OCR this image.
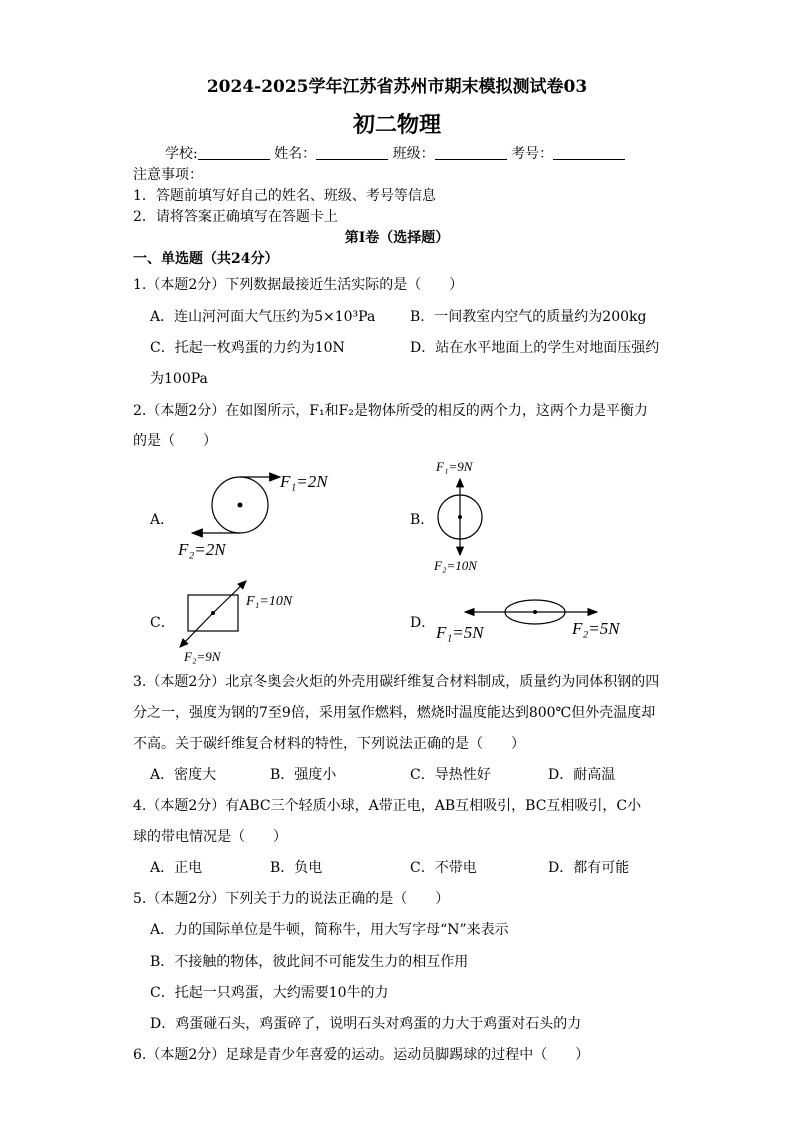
2024-2025学年江苏省苏州市期末模拟测试卷03
初二物理
学校:	姓名：	班级：	考号：
注意事项：
1．答题前填写好自己的姓名、班级、考号等信息
2．请将答案正确填写在答题卡上
第I卷（选择题）
一、单选题（共24分）
1.（本题2分）下列数据最接近生活实际的是（　　）
A．连山河河面大气压约为5×10³Pa B．一间教室内空气的质量约为200kg
C．托起一枚鸡蛋的力约为10N	D．站在水平地面上的学生对地面压强约
为100Pa
2.（本题2分）在如图所示，F₁和F₂是物体所受的相反的两个力，这两个力是平衡力
的是（　　）
A．	B．
C．	D．
F₁=2N
F₂=2N
F₁=9N
F₂=10N
F₁=10N
F₂=9N
F₁=5N	F₂=5N
3.（本题2分）北京冬奥会火炬的外壳用碳纤维复合材料制成，质量约为同体积钢的四
分之一，强度为钢的7至9倍，采用氢作燃料，燃烧时温度能达到800℃但外壳温度却
不高。关于碳纤维复合材料的特性，下列说法正确的是（　　）
A．密度大	B．强度小	C．导热性好	D．耐高温
4.（本题2分）有ABC三个轻质小球，A带正电，AB互相吸引，BC互相吸引，C小
球的带电情况是（　　）
A．正电	B．负电	C．不带电	D．都有可能
5.（本题2分）下列关于力的说法正确的是（　　）
A．力的国际单位是牛顿，简称牛，用大写字母“N”来表示
B．不接触的物体，彼此间不可能发生力的相互作用
C．托起一只鸡蛋，大约需要10牛的力
D．鸡蛋碰石头，鸡蛋碎了，说明石头对鸡蛋的力大于鸡蛋对石头的力
6.（本题2分）足球是青少年喜爱的运动。运动员脚踢球的过程中（　　）
